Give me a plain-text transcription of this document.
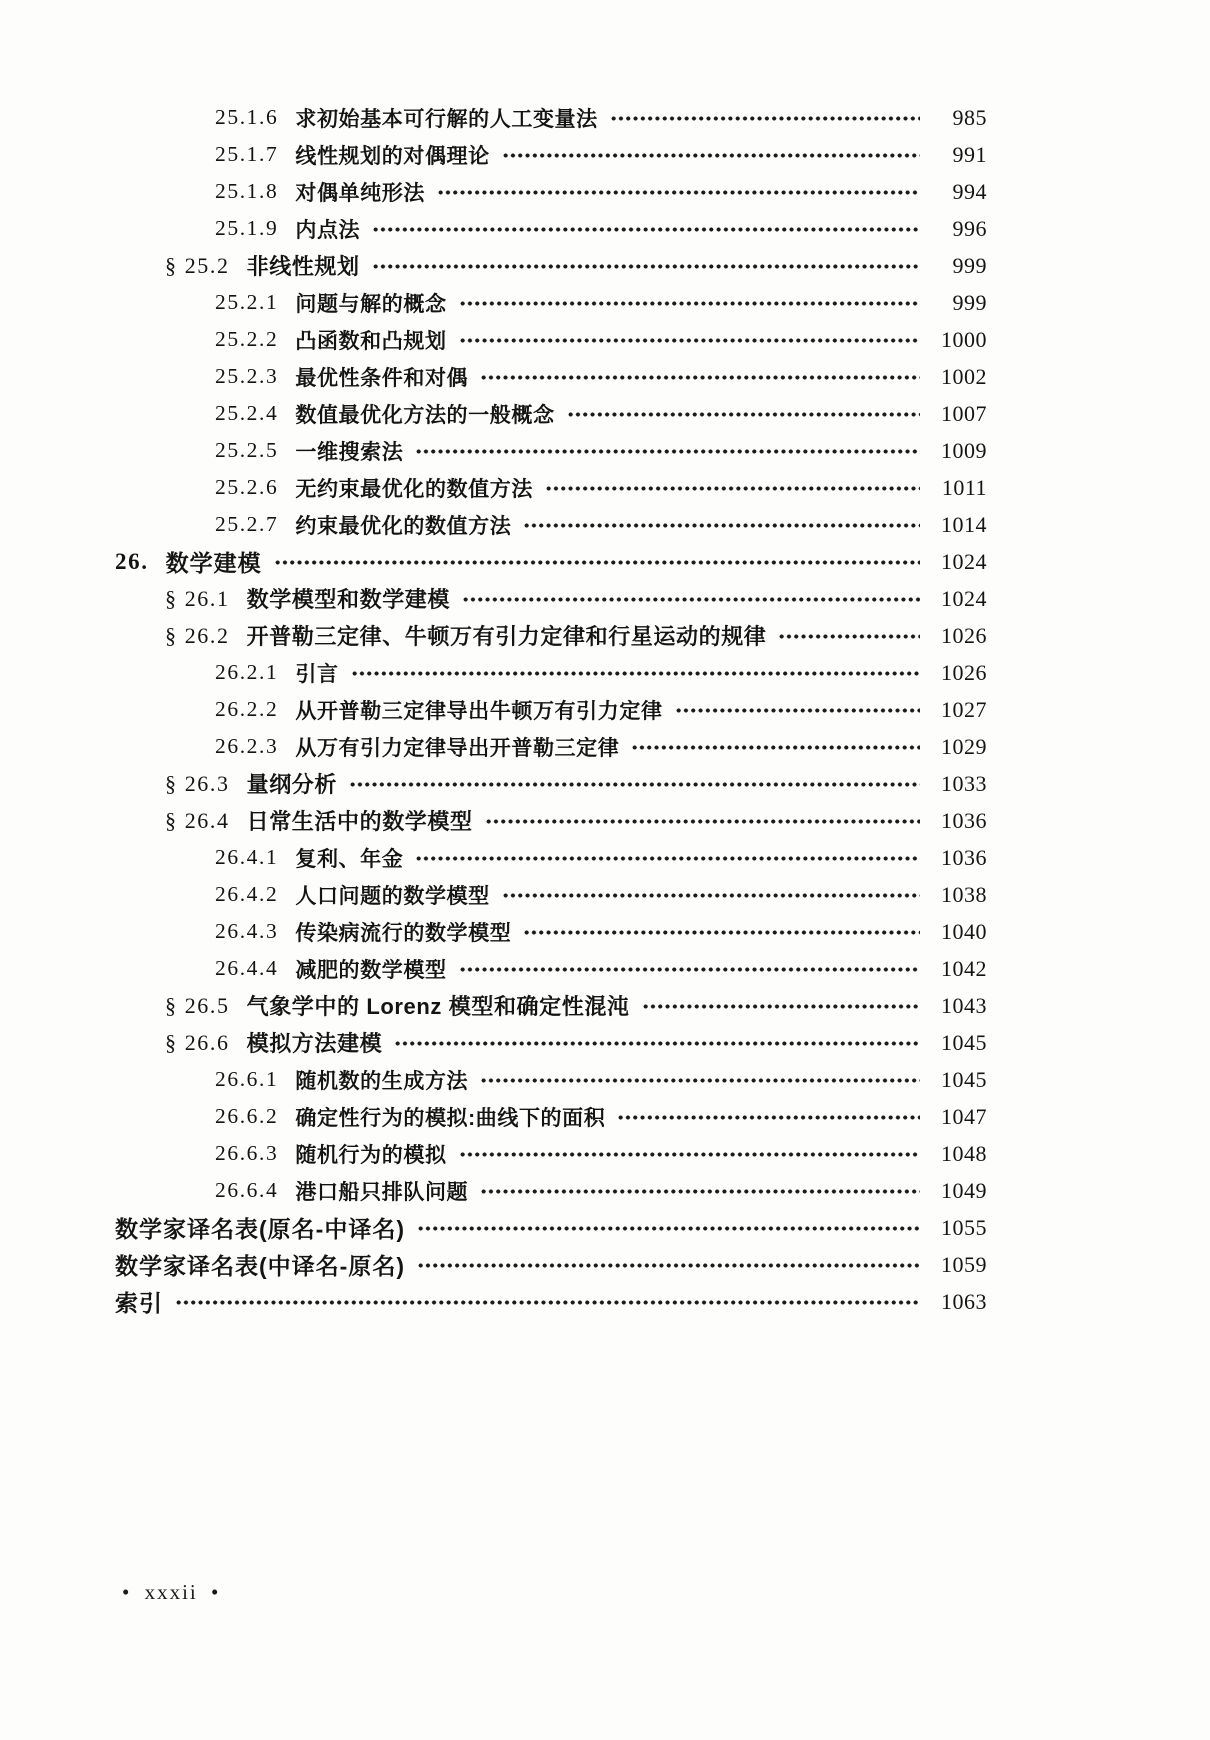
25.1.6 求初始基本可行解的人工变量法	985
25.1.7 线性规划的对偶理论	991
25.1.8 对偶单纯形法	994
25.1.9 内点法	996
§ 25.2 非线性规划	999
25.2.1 问题与解的概念	999
25.2.2 凸函数和凸规划	1000
25.2.3 最优性条件和对偶	1002
25.2.4 数值最优化方法的一般概念	1007
25.2.5 一维搜索法	1009
25.2.6 无约束最优化的数值方法	1011
25.2.7 约束最优化的数值方法	1014
26. 数学建模	1024
§ 26.1 数学模型和数学建模	1024
§ 26.2 开普勒三定律、牛顿万有引力定律和行星运动的规律	1026
26.2.1 引言	1026
26.2.2 从开普勒三定律导出牛顿万有引力定律	1027
26.2.3 从万有引力定律导出开普勒三定律	1029
§ 26.3 量纲分析	1033
§ 26.4 日常生活中的数学模型	1036
26.4.1 复利、年金	1036
26.4.2 人口问题的数学模型	1038
26.4.3 传染病流行的数学模型	1040
26.4.4 减肥的数学模型	1042
§ 26.5 气象学中的 Lorenz 模型和确定性混沌	1043
§ 26.6 模拟方法建模	1045
26.6.1 随机数的生成方法	1045
26.6.2 确定性行为的模拟:曲线下的面积	1047
26.6.3 随机行为的模拟	1048
26.6.4 港口船只排队问题	1049
数学家译名表(原名-中译名)	1055
数学家译名表(中译名-原名)	1059
索引	1063
• xxxii •
